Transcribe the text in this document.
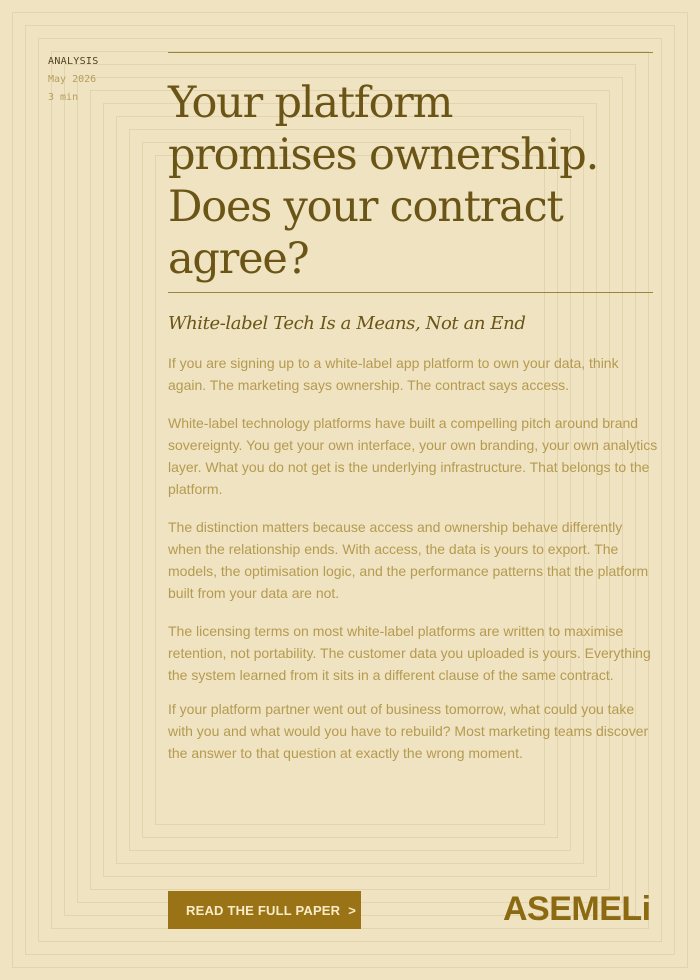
ANALYSIS
May 2026
3 min	Your platform promises ownership. Does your contract agree?
White-label Tech Is a Means, Not an End

If you are signing up to a white-label app platform to own your data, think again. The marketing says ownership. The contract says access.

White-label technology platforms have built a compelling pitch around brand sovereignty. You get your own interface, your own branding, your own analytics layer. What you do not get is the underlying infrastructure. That belongs to the platform.

The distinction matters because access and ownership behave differently when the relationship ends. With access, the data is yours to export. The models, the optimisation logic, and the performance patterns that the platform built from your data are not.

The licensing terms on most white-label platforms are written to maximise retention, not portability. The customer data you uploaded is yours. Everything the system learned from it sits in a different clause of the same contract.

If your platform partner went out of business tomorrow, what could you take with you and what would you have to rebuild? Most marketing teams discover the answer to that question at exactly the wrong moment.

READ THE FULL PAPER >	ASEMELi
